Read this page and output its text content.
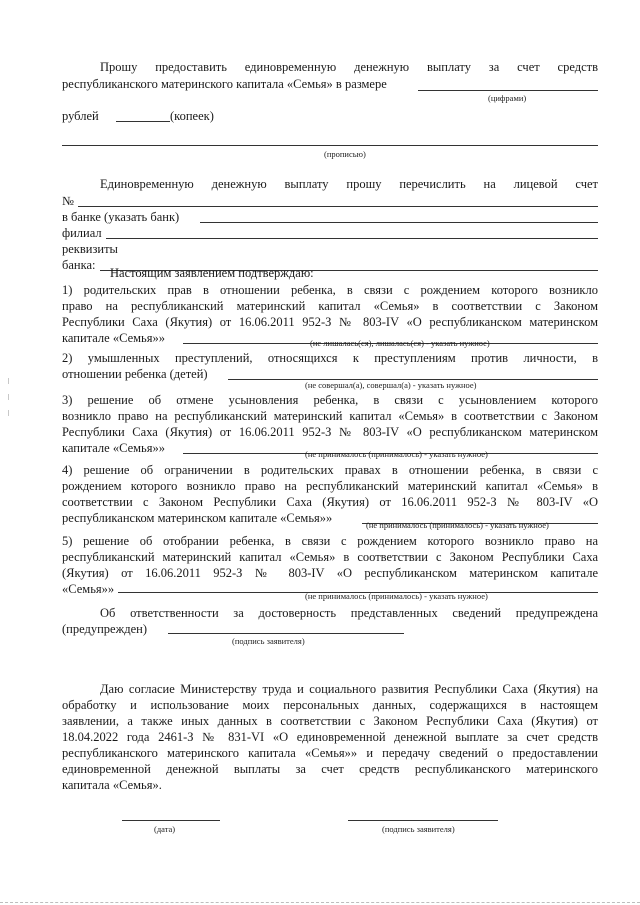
Прошу предоставить единовременную денежную выплату за счет средств
республиканского материнского капитала «Семья» в размере
(цифрами)
рублей	(копеек)
(прописью)
Единовременную денежную выплату прошу перечислить на лицевой счет
№
в банке (указать банк)
филиал
реквизиты
банка:
Настоящим заявлением подтверждаю:
1) родительских прав в отношении ребенка, в связи с рождением которого возникло
право на республиканский материнский капитал «Семья» в соответствии с Законом
Республики Саха (Якутия) от 16.06.2011 952-З № 803-IV «О республиканском материнском
капитале «Семья»»	(не лишалась(ся), лишалась(ся) - указать нужное)
2) умышленных преступлений, относящихся к преступлениям против личности, в
отношении ребенка (детей)
(не совершал(а), совершал(а) - указать нужное)
3) решение об отмене усыновления ребенка, в связи с усыновлением которого
возникло право на республиканский материнский капитал «Семья» в соответствии с Законом
Республики Саха (Якутия) от 16.06.2011 952-З № 803-IV «О республиканском материнском
капитале «Семья»»	(не принималось (принималось) - указать нужное)
4) решение об ограничении в родительских правах в отношении ребенка, в связи с
рождением которого возникло право на республиканский материнский капитал «Семья» в
соответствии с Законом Республики Саха (Якутия) от 16.06.2011 952-З № 803-IV «О
республиканском материнском капитале «Семья»»	(не принималось (принималось) - указать нужное)
5) решение об отобрании ребенка, в связи с рождением которого возникло право на
республиканский материнский капитал «Семья» в соответствии с Законом Республики Саха
(Якутия) от 16.06.2011 952-З № 803-IV «О республиканском материнском капитале
«Семья»»	(не принималось (принималось) - указать нужное)
Об ответственности за достоверность представленных сведений предупреждена
(предупрежден)
(подпись заявителя)
Даю согласие Министерству труда и социального развития Республики Саха (Якутия) на
обработку и использование моих персональных данных, содержащихся в настоящем
заявлении, а также иных данных в соответствии с Законом Республики Саха (Якутия) от
18.04.2022 года 2461-З № 831-VI «О единовременной денежной выплате за счет средств
республиканского материнского капитала «Семья»» и передачу сведений о предоставлении
единовременной денежной выплаты за счет средств республиканского материнского
капитала «Семья».
(дата)	(подпись заявителя)
